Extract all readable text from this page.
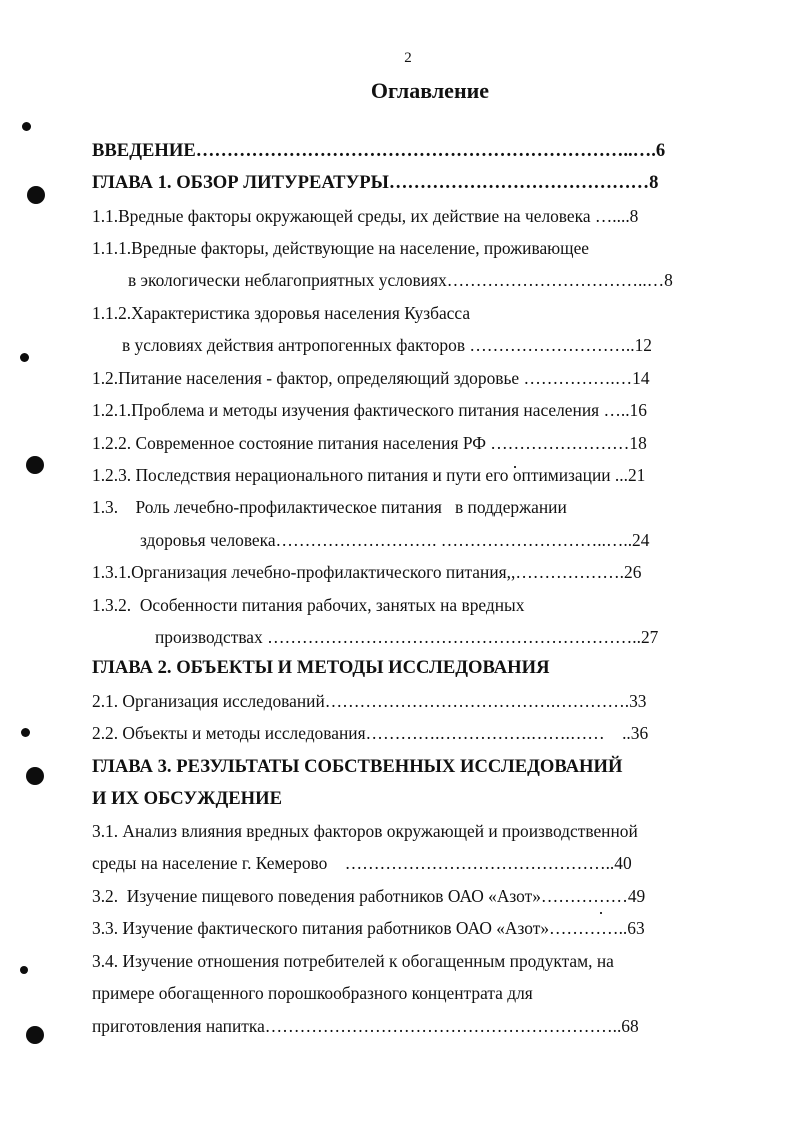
2
Оглавление
ВВЕДЕНИЕ……………………………………………………………..….6
ГЛАВА 1. ОБЗОР ЛИТУРЕАТУРЫ……………………………………8
1.1.Вредные факторы окружающей среды, их действие на человека …....8
1.1.1.Вредные факторы, действующие на население, проживающее
в экологически неблагоприятных условиях……………………………..…8
1.1.2.Характеристика здоровья населения Кузбасса
в условиях действия антропогенных факторов ………………………..12
1.2.Питание населения - фактор, определяющий здоровье …………….…14
1.2.1.Проблема и методы изучения фактического питания населения …..16
1.2.2. Современное состояние питания населения РФ ……………………18
1.2.3. Последствия нерационального питания и пути его оптимизации ...21
1.3.    Роль лечебно-профилактическое питания   в поддержании
здоровья человека………………………. ………………………..…..24
1.3.1.Организация лечебно-профилактического питания,,……………….26
1.3.2.  Особенности питания рабочих, занятых на вредных
производствах ………………………………………………………..27
ГЛАВА 2. ОБЪЕКТЫ И МЕТОДЫ ИССЛЕДОВАНИЯ
2.1. Организация исследований………………………………….………….33
2.2. Объекты и методы исследования………….…………….…….……    ..36
ГЛАВА 3. РЕЗУЛЬТАТЫ СОБСТВЕННЫХ ИССЛЕДОВАНИЙ
И ИХ ОБСУЖДЕНИЕ
3.1. Анализ влияния вредных факторов окружающей и производственной
среды на население г. Кемерово    ………………………………………..40
3.2.  Изучение пищевого поведения работников ОАО «Азот»……………49
3.3. Изучение фактического питания работников ОАО «Азот»…………..63
3.4. Изучение отношения потребителей к обогащенным продуктам, на
примере обогащенного порошкообразного концентрата для
приготовления напитка……………………………………………………..68
